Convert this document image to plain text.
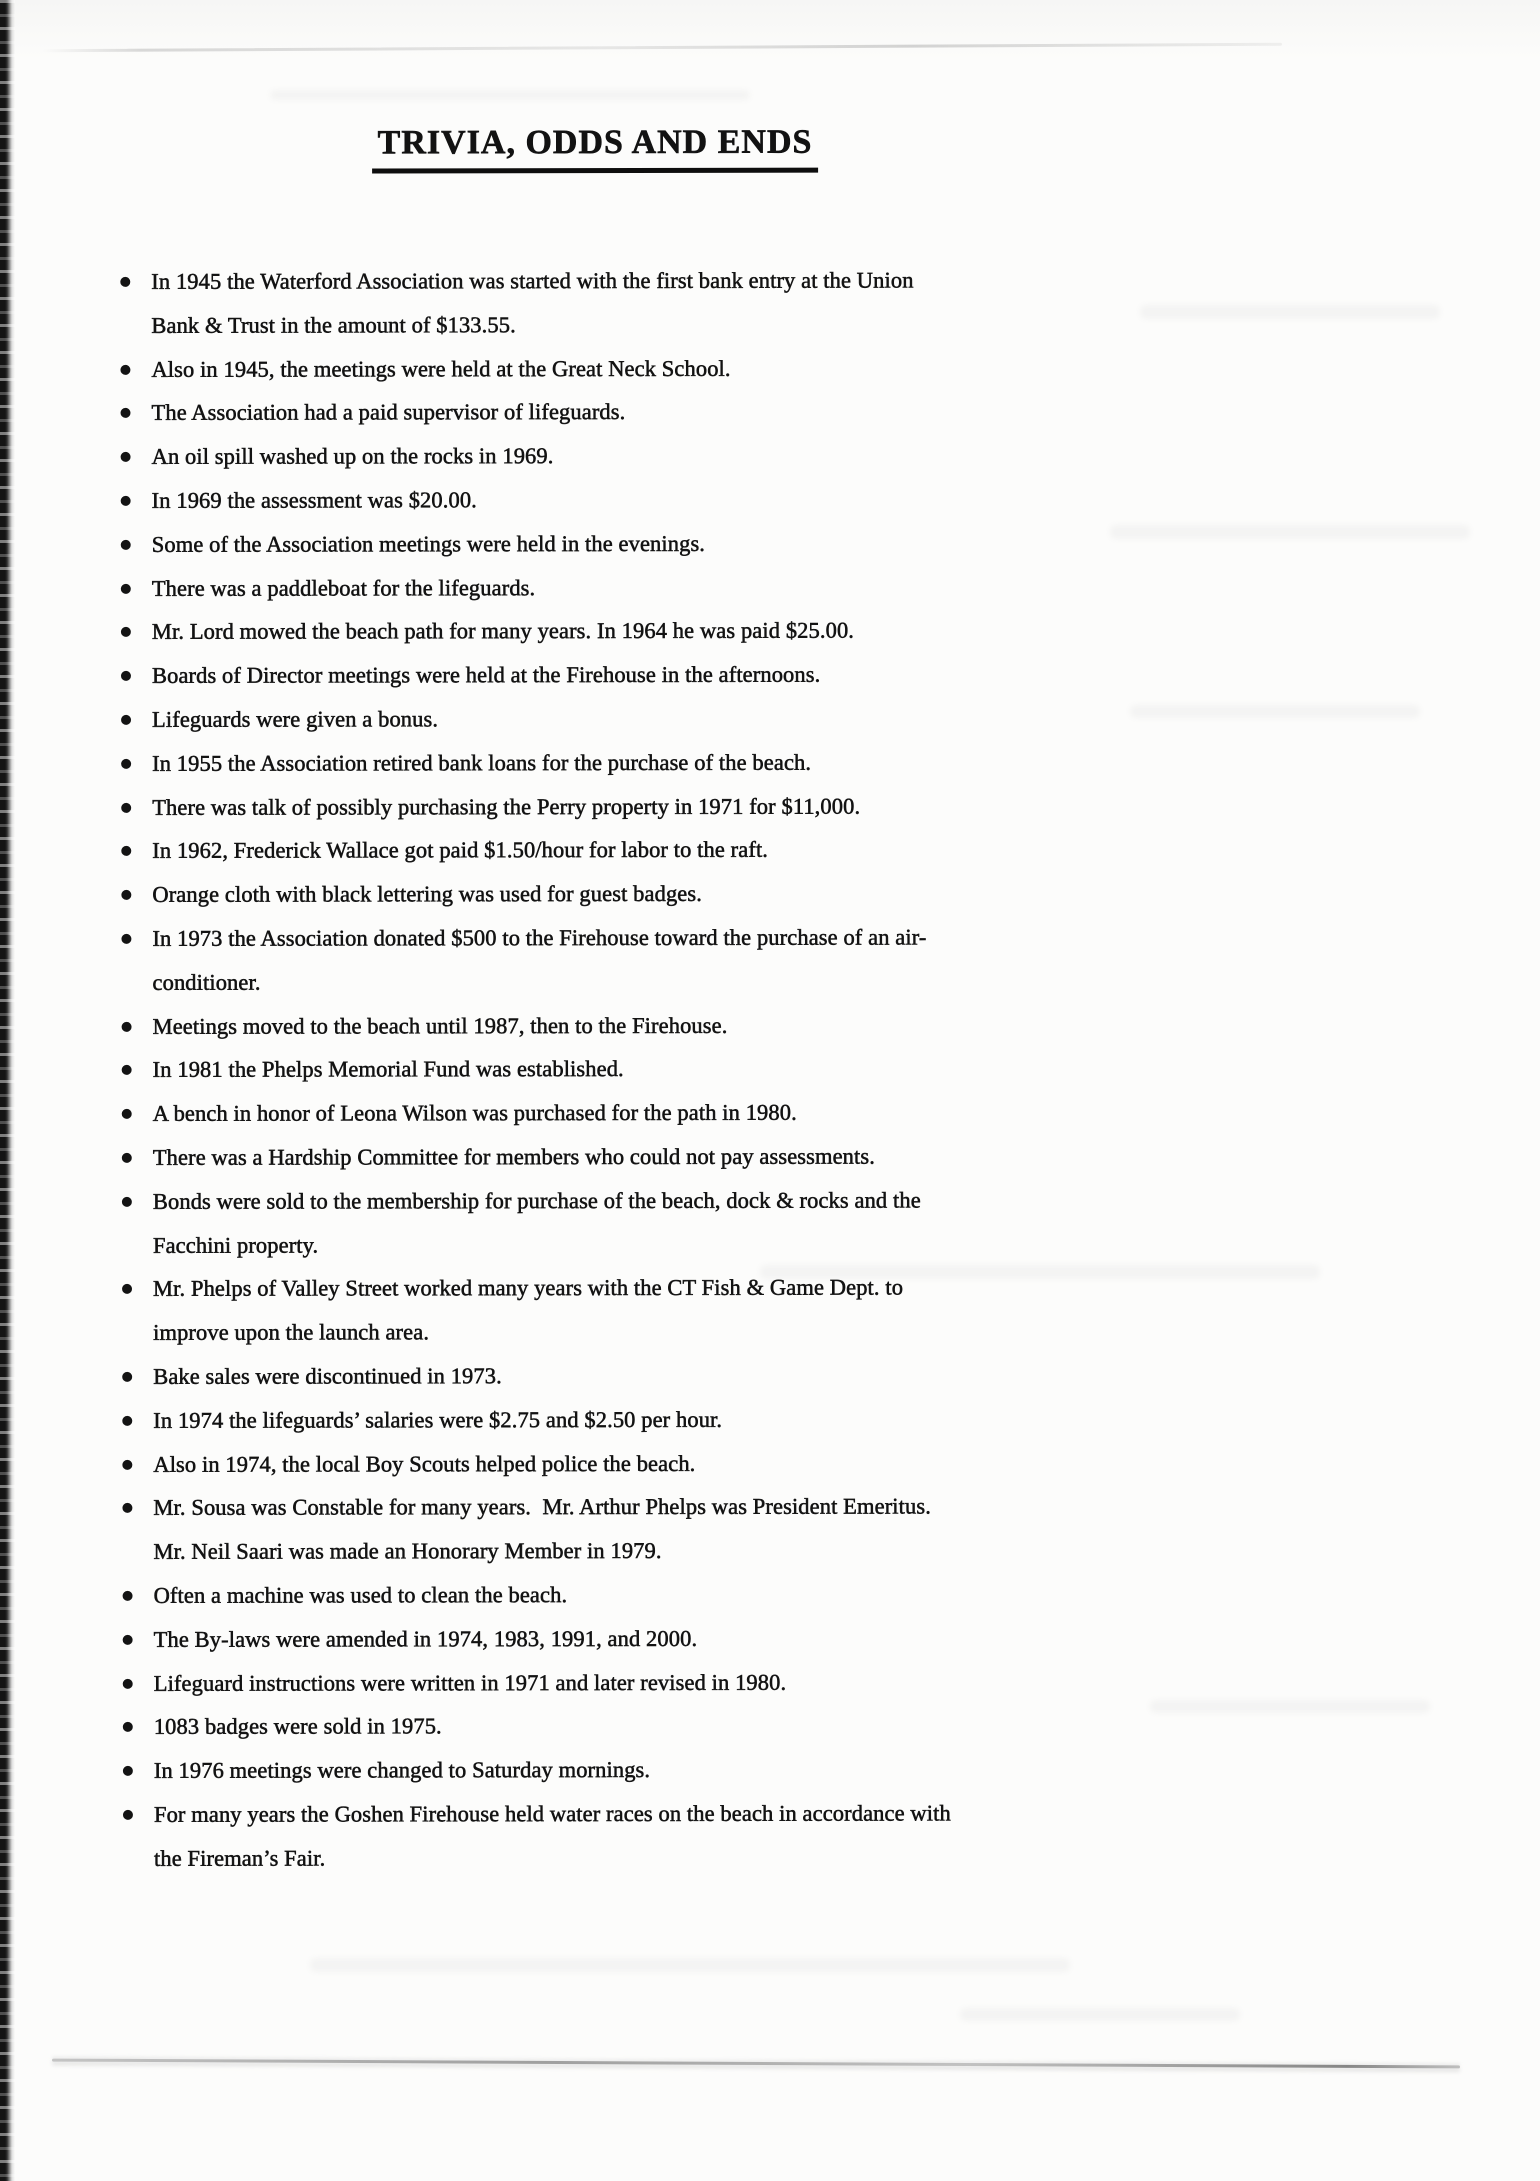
TRIVIA, ODDS AND ENDS
In 1945 the Waterford Association was started with the first bank entry at the Union
Bank & Trust in the amount of $133.55.
Also in 1945, the meetings were held at the Great Neck School.
The Association had a paid supervisor of lifeguards.
An oil spill washed up on the rocks in 1969.
In 1969 the assessment was $20.00.
Some of the Association meetings were held in the evenings.
There was a paddleboat for the lifeguards.
Mr. Lord mowed the beach path for many years. In 1964 he was paid $25.00.
Boards of Director meetings were held at the Firehouse in the afternoons.
Lifeguards were given a bonus.
In 1955 the Association retired bank loans for the purchase of the beach.
There was talk of possibly purchasing the Perry property in 1971 for $11,000.
In 1962, Frederick Wallace got paid $1.50/hour for labor to the raft.
Orange cloth with black lettering was used for guest badges.
In 1973 the Association donated $500 to the Firehouse toward the purchase of an air-
conditioner.
Meetings moved to the beach until 1987, then to the Firehouse.
In 1981 the Phelps Memorial Fund was established.
A bench in honor of Leona Wilson was purchased for the path in 1980.
There was a Hardship Committee for members who could not pay assessments.
Bonds were sold to the membership for purchase of the beach, dock & rocks and the
Facchini property.
Mr. Phelps of Valley Street worked many years with the CT Fish & Game Dept. to
improve upon the launch area.
Bake sales were discontinued in 1973.
In 1974 the lifeguards’ salaries were $2.75 and $2.50 per hour.
Also in 1974, the local Boy Scouts helped police the beach.
Mr. Sousa was Constable for many years.  Mr. Arthur Phelps was President Emeritus.
Mr. Neil Saari was made an Honorary Member in 1979.
Often a machine was used to clean the beach.
The By-laws were amended in 1974, 1983, 1991, and 2000.
Lifeguard instructions were written in 1971 and later revised in 1980.
1083 badges were sold in 1975.
In 1976 meetings were changed to Saturday mornings.
For many years the Goshen Firehouse held water races on the beach in accordance with
the Fireman’s Fair.
